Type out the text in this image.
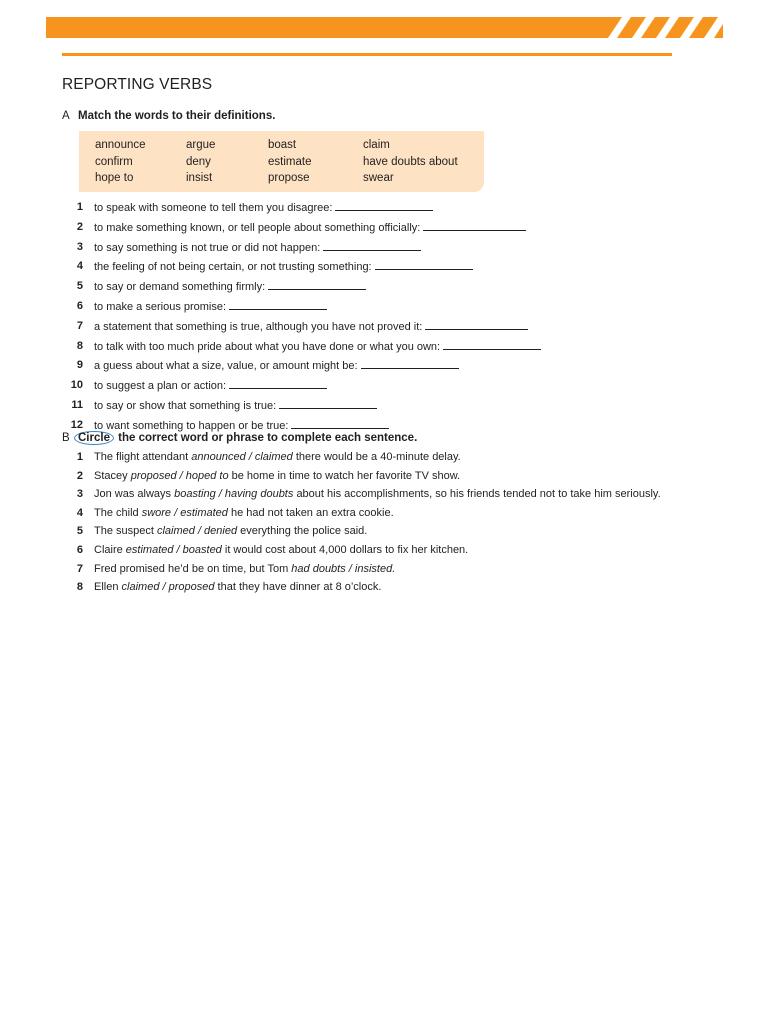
REPORTING VERBS
A Match the words to their definitions.
announce	argue	boast	claim
confirm	deny	estimate	have doubts about
hope to	insist	propose	swear
1 to speak with someone to tell them you disagree:
2 to make something known, or tell people about something officially:
3 to say something is not true or did not happen:
4 the feeling of not being certain, or not trusting something:
5 to say or demand something firmly:
6 to make a serious promise:
7 a statement that something is true, although you have not proved it:
8 to talk with too much pride about what you have done or what you own:
9 a guess about what a size, value, or amount might be:
10 to suggest a plan or action:
11 to say or show that something is true:
12 to want something to happen or be true:
B Circle the correct word or phrase to complete each sentence.
1 The flight attendant announced / claimed there would be a 40-minute delay.
2 Stacey proposed / hoped to be home in time to watch her favorite TV show.
3 Jon was always boasting / having doubts about his accomplishments, so his friends tended not to take him seriously.
4 The child swore / estimated he had not taken an extra cookie.
5 The suspect claimed / denied everything the police said.
6 Claire estimated / boasted it would cost about 4,000 dollars to fix her kitchen.
7 Fred promised he’d be on time, but Tom had doubts / insisted.
8 Ellen claimed / proposed that they have dinner at 8 o’clock.
